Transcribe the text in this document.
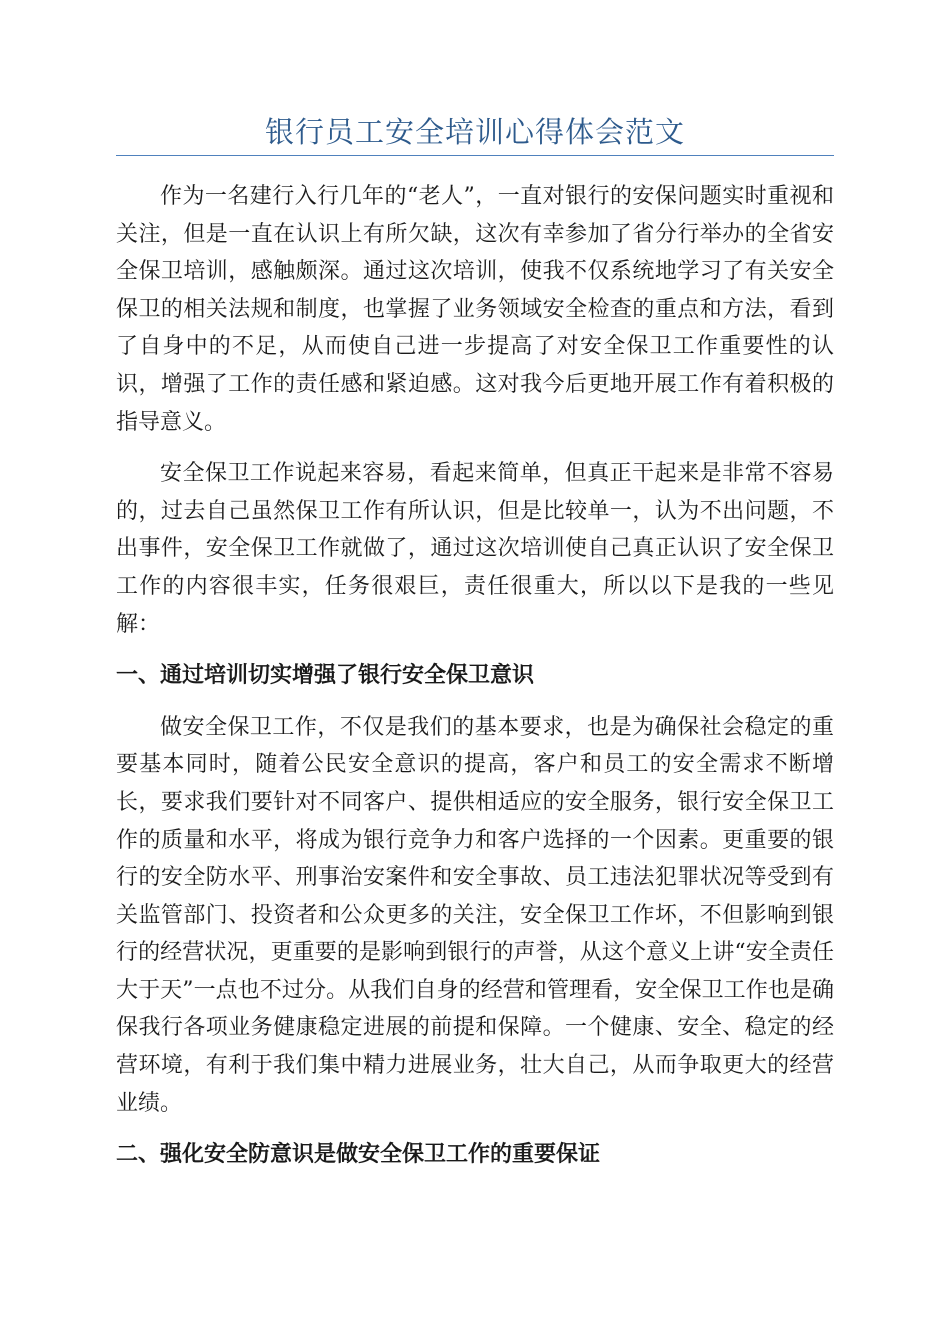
银行员工安全培训心得体会范文

作为一名建行入行几年的“老人”，一直对银行的安保问题实时重视和关注，但是一直在认识上有所欠缺，这次有幸参加了省分行举办的全省安全保卫培训，感触颇深。通过这次培训，使我不仅系统地学习了有关安全保卫的相关法规和制度，也掌握了业务领域安全检查的重点和方法，看到了自身中的不足，从而使自己进一步提高了对安全保卫工作重要性的认识，增强了工作的责任感和紧迫感。这对我今后更地开展工作有着积极的指导意义。

安全保卫工作说起来容易，看起来简单，但真正干起来是非常不容易的，过去自己虽然保卫工作有所认识，但是比较单一，认为不出问题，不出事件，安全保卫工作就做了，通过这次培训使自己真正认识了安全保卫工作的内容很丰实，任务很艰巨，责任很重大，所以以下是我的一些见解：

一、通过培训切实增强了银行安全保卫意识

做安全保卫工作，不仅是我们的基本要求，也是为确保社会稳定的重要基本同时，随着公民安全意识的提高，客户和员工的安全需求不断增长，要求我们要针对不同客户、提供相适应的安全服务，银行安全保卫工作的质量和水平，将成为银行竞争力和客户选择的一个因素。更重要的银行的安全防水平、刑事治安案件和安全事故、员工违法犯罪状况等受到有关监管部门、投资者和公众更多的关注，安全保卫工作坏，不但影响到银行的经营状况，更重要的是影响到银行的声誉，从这个意义上讲“安全责任大于天”一点也不过分。从我们自身的经营和管理看，安全保卫工作也是确保我行各项业务健康稳定进展的前提和保障。一个健康、安全、稳定的经营环境，有利于我们集中精力进展业务，壮大自己，从而争取更大的经营业绩。

二、强化安全防意识是做安全保卫工作的重要保证
